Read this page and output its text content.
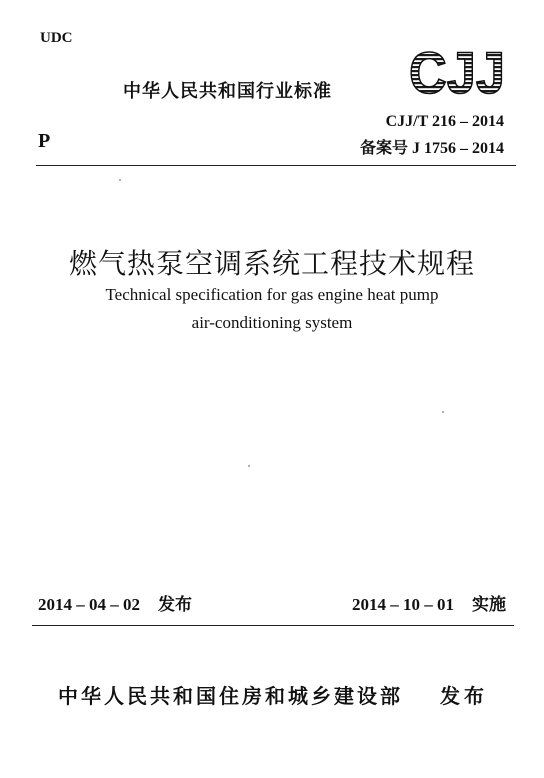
UDC
中华人民共和国行业标准 CJJ
P
CJJ/T 216 – 2014
备案号 J 1756 – 2014
燃气热泵空调系统工程技术规程
Technical specification for gas engine heat pump
air-conditioning system
2014 – 04 – 02 发布	2014 – 10 – 01 实施
中华人民共和国住房和城乡建设部 发布
